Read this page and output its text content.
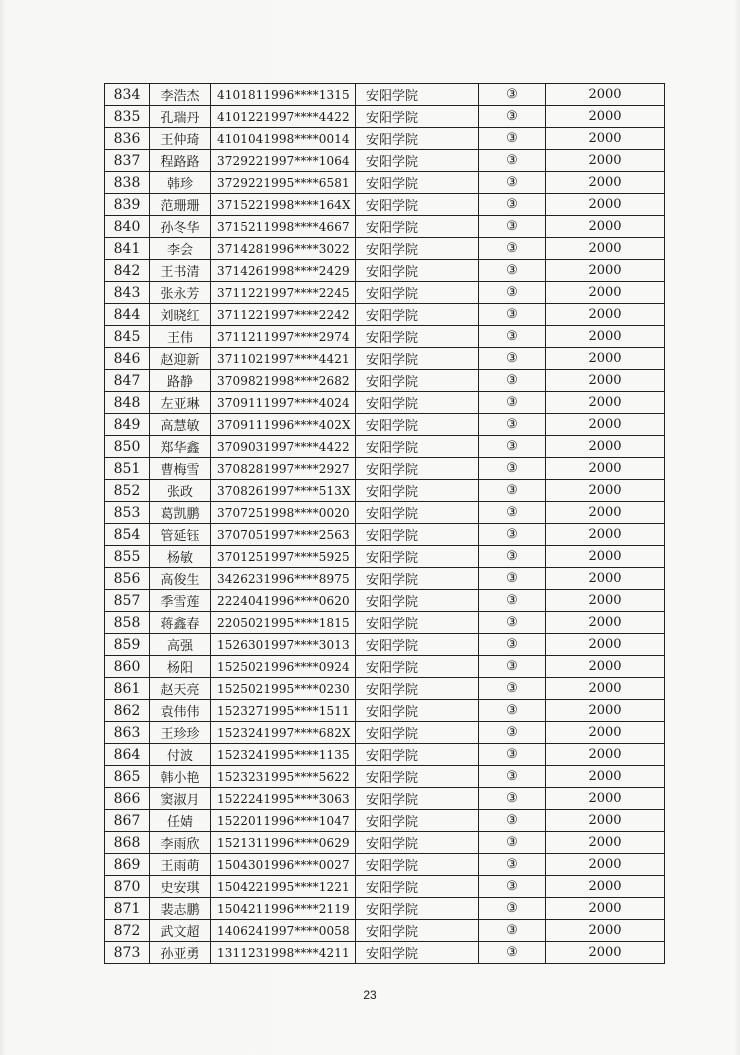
834	李浩杰	4101811996****1315	安阳学院	③	2000
835	孔瑞丹	4101221997****4422	安阳学院	③	2000
836	王仲琦	4101041998****0014	安阳学院	③	2000
837	程路路	3729221997****1064	安阳学院	③	2000
838	韩珍	3729221995****6581	安阳学院	③	2000
839	范珊珊	3715221998****164X	安阳学院	③	2000
840	孙冬华	3715211998****4667	安阳学院	③	2000
841	李会	3714281996****3022	安阳学院	③	2000
842	王书清	3714261998****2429	安阳学院	③	2000
843	张永芳	3711221997****2245	安阳学院	③	2000
844	刘晓红	3711221997****2242	安阳学院	③	2000
845	王伟	3711211997****2974	安阳学院	③	2000
846	赵迎新	3711021997****4421	安阳学院	③	2000
847	路静	3709821998****2682	安阳学院	③	2000
848	左亚琳	3709111997****4024	安阳学院	③	2000
849	高慧敏	3709111996****402X	安阳学院	③	2000
850	郑华鑫	3709031997****4422	安阳学院	③	2000
851	曹梅雪	3708281997****2927	安阳学院	③	2000
852	张政	3708261997****513X	安阳学院	③	2000
853	葛凯鹏	3707251998****0020	安阳学院	③	2000
854	管延钰	3707051997****2563	安阳学院	③	2000
855	杨敏	3701251997****5925	安阳学院	③	2000
856	高俊生	3426231996****8975	安阳学院	③	2000
857	季雪莲	2224041996****0620	安阳学院	③	2000
858	蒋鑫春	2205021995****1815	安阳学院	③	2000
859	高强	1526301997****3013	安阳学院	③	2000
860	杨阳	1525021996****0924	安阳学院	③	2000
861	赵天亮	1525021995****0230	安阳学院	③	2000
862	袁伟伟	1523271995****1511	安阳学院	③	2000
863	王珍珍	1523241997****682X	安阳学院	③	2000
864	付波	1523241995****1135	安阳学院	③	2000
865	韩小艳	1523231995****5622	安阳学院	③	2000
866	窦淑月	1522241995****3063	安阳学院	③	2000
867	任婧	1522011996****1047	安阳学院	③	2000
868	李雨欣	1521311996****0629	安阳学院	③	2000
869	王雨萌	1504301996****0027	安阳学院	③	2000
870	史安琪	1504221995****1221	安阳学院	③	2000
871	裴志鹏	1504211996****2119	安阳学院	③	2000
872	武文超	1406241997****0058	安阳学院	③	2000
873	孙亚勇	1311231998****4211	安阳学院	③	2000
23
